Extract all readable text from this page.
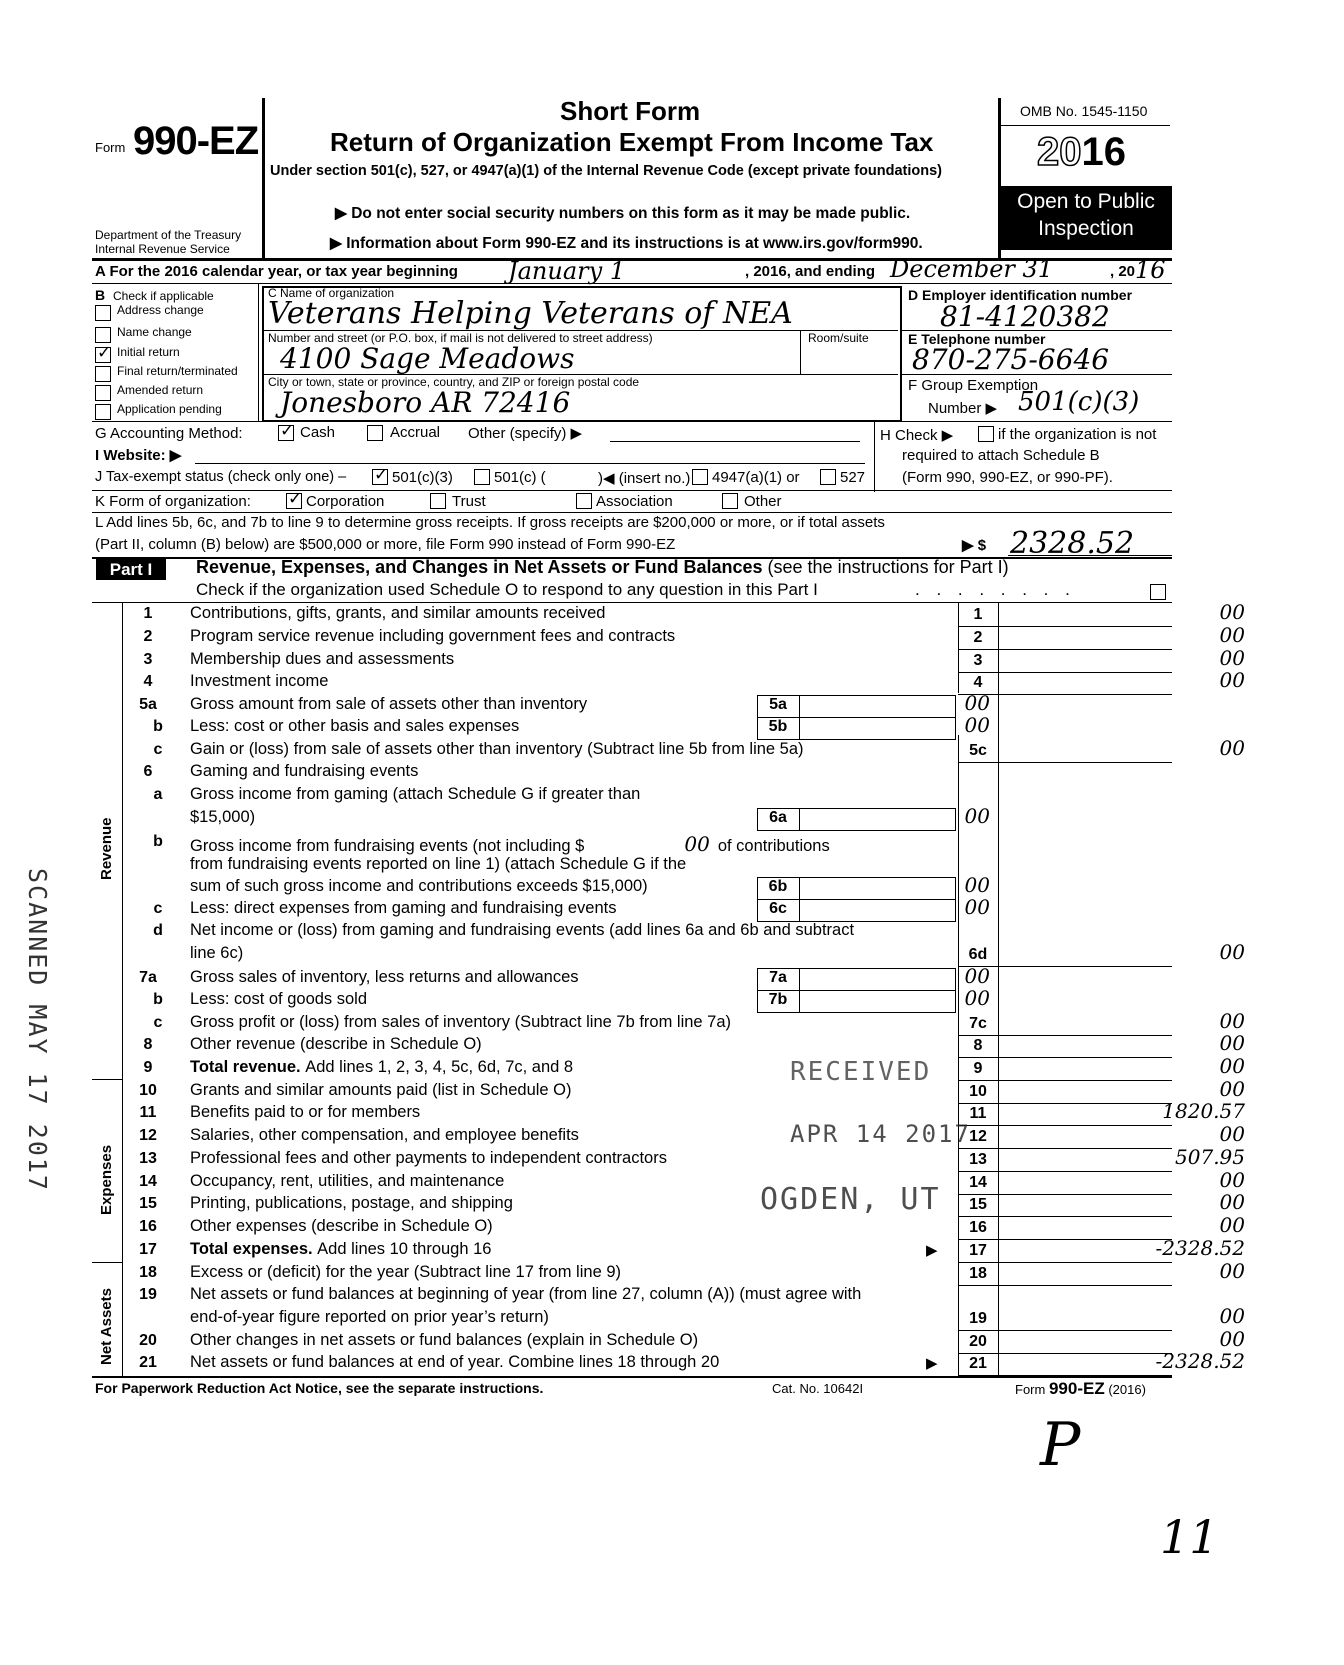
Form 990-EZ
Department of the Treasury
Internal Revenue Service
Short Form
Return of Organization Exempt From Income Tax
Under section 501(c), 527, or 4947(a)(1) of the Internal Revenue Code (except private foundations)
▶ Do not enter social security numbers on this form as it may be made public.
▶ Information about Form 990-EZ and its instructions is at www.irs.gov/form990.
OMB No. 1545-1150
2016
Open to Public
Inspection
A For the 2016 calendar year, or tax year beginning January 1	, 2016, and ending December 31	, 20 16
B Check if applicable
Address change
Name change
✓
Initial return
Final return/terminated
Amended return
Application pending
C Name of organization
Veterans Helping Veterans of NEA
Number and street (or P.O. box, if mail is not delivered to street address)	Room/suite
4100 Sage Meadows
City or town, state or province, country, and ZIP or foreign postal code
Jonesboro AR 72416
D Employer identification number
81-4120382
E Telephone number
870-275-6646
F Group Exemption
Number ▶ 501(c)(3)
G Accounting Method: ✓	Cash	Accrual Other (specify) ▶	H Check ▶	if the organization is not
required to attach Schedule B
(Form 990, 990-EZ, or 990-PF).
I Website: ▶
J Tax-exempt status (check only one) – ✓	501(c)(3)	501(c) (	)◀ (insert no.) 4947(a)(1) or	527
K Form of organization: ✓	Corporation	Trust	Association	Other
L Add lines 5b, 6c, and 7b to line 9 to determine gross receipts. If gross receipts are $200,000 or more, or if total assets
(Part II, column (B) below) are $500,000 or more, file Form 990 instead of Form 990-EZ	▶ $ 2328.52
Part I	Revenue, Expenses, and Changes in Net Assets or Fund Balances (see the instructions for Part I)
Check if the organization used Schedule O to respond to any question in this Part I	. . . . . . . .
Revenue
Expenses
Net Assets
1	Contributions, gifts, grants, and similar amounts received	1	00
2	Program service revenue including government fees and contracts	2	00
3	Membership dues and assessments	3	00
4	Investment income	4	00
5a	Gross amount from sale of assets other than inventory	5a	00
b	Less: cost or other basis and sales expenses	5b	00
c	Gain or (loss) from sale of assets other than inventory (Subtract line 5b from line 5a)	5c	00
6	Gaming and fundraising events
a	Gross income from gaming (attach Schedule G if greater than
$15,000)	6a	00
b	Gross income from fundraising events (not including $	00 of contributions
from fundraising events reported on line 1) (attach Schedule G if the
sum of such gross income and contributions exceeds $15,000)	6b	00
c	Less: direct expenses from gaming and fundraising events	6c	00
d	Net income or (loss) from gaming and fundraising events (add lines 6a and 6b and subtract
line 6c)	6d	00
7a	Gross sales of inventory, less returns and allowances	7a	00
b	Less: cost of goods sold	7b	00
c	Gross profit or (loss) from sales of inventory (Subtract line 7b from line 7a)	7c	00
8	Other revenue (describe in Schedule O)	8	00
9	Total revenue. Add lines 1, 2, 3, 4, 5c, 6d, 7c, and 8	9	00
10	Grants and similar amounts paid (list in Schedule O)	10	00
11	Benefits paid to or for members	11	1820.57
12	Salaries, other compensation, and employee benefits	12	00
13	Professional fees and other payments to independent contractors	13	507.95
14	Occupancy, rent, utilities, and maintenance	14	00
15	Printing, publications, postage, and shipping	15	00
16	Other expenses (describe in Schedule O)	16	00
17	Total expenses. Add lines 10 through 16	▶	17	-2328.52
18	Excess or (deficit) for the year (Subtract line 17 from line 9)	18	00
19	Net assets or fund balances at beginning of year (from line 27, column (A)) (must agree with
end-of-year figure reported on prior year’s return)	19	00
20	Other changes in net assets or fund balances (explain in Schedule O)	20	00
21	Net assets or fund balances at end of year. Combine lines 18 through 20	▶	21	-2328.52
For Paperwork Reduction Act Notice, see the separate instructions.	Cat. No. 10642I	Form 990-EZ (2016)
SCANNED MAY 17 2017	RECEIVED
APR 14 2017
OGDEN, UT
P
11
